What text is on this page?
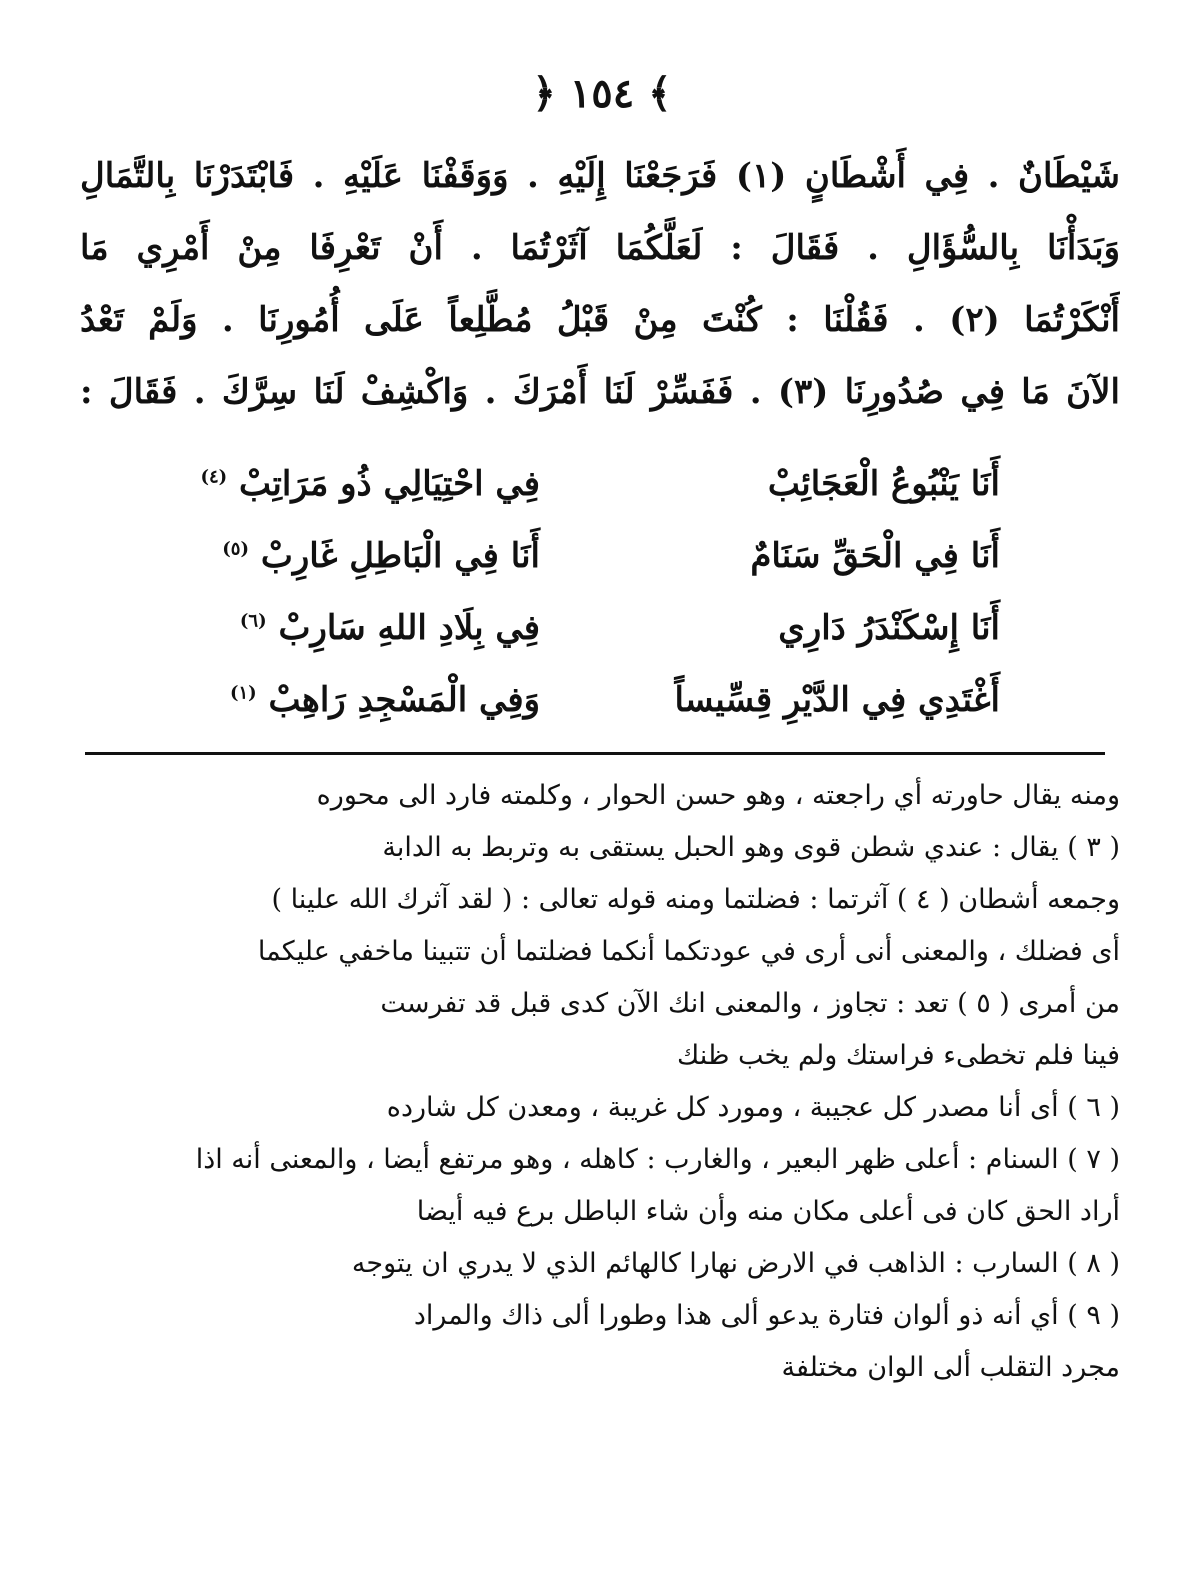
﴿ ١٥٤ ﴾
شَيْطَانٌ . فِي أَشْطَانٍ (١) فَرَجَعْنَا إِلَيْهِ . وَوَقَفْنَا عَلَيْهِ . فَابْتَدَرْنَا بِالتَّمَالِ
وَبَدَأْنَا بِالسُّؤَالِ . فَقَالَ : لَعَلَّكُمَا آثَرْتُمَا . أَنْ تَعْرِفَا مِنْ أَمْرِي مَا
أَنْكَرْتُمَا (٢) . فَقُلْنَا : كُنْتَ مِنْ قَبْلُ مُطَّلِعاً عَلَى أُمُورِنَا . وَلَمْ تَعْدُ
الآنَ مَا فِي صُدُورِنَا (٣) . فَفَسِّرْ لَنَا أَمْرَكَ . وَاكْشِفْ لَنَا سِرَّكَ . فَقَالَ :
أَنَا يَنْبُوعُ الْعَجَائِبْ
فِي احْتِيَالِي ذُو مَرَاتِبْ $^{(٤)}$
أَنَا فِي الْحَقِّ سَنَامٌ
أَنَا فِي الْبَاطِلِ غَارِبْ $^{(٥)}$
أَنَا إِسْكَنْدَرُ دَارِي
فِي بِلَادِ اللهِ سَارِبْ $^{(٦)}$
أَغْتَدِي فِي الدَّيْرِ قِسِّيساً
وَفِي الْمَسْجِدِ رَاهِبْ $^{(١)}$
ومنه يقال حاورته أي راجعته ، وهو حسن الحوار ، وكلمته فارد الى محوره
( ٣ ) يقال : عندي شطن قوى وهو الحبل يستقى به وتربط به الدابة
وجمعه أشطان ( ٤ ) آثرتما : فضلتما ومنه قوله تعالى : ( لقد آثرك الله علينا )
أى فضلك ، والمعنى أنى أرى في عودتكما أنكما فضلتما أن تتبينا ماخفي عليكما
من أمرى ( ٥ ) تعد : تجاوز ، والمعنى انك الآن كدى قبل قد تفرست
فينا فلم تخطىء فراستك ولم يخب ظنك
( ٦ ) أى أنا مصدر كل عجيبة ، ومورد كل غريبة ، ومعدن كل شارده
( ٧ ) السنام : أعلى ظهر البعير ، والغارب : كاهله ، وهو مرتفع أيضا ، والمعنى أنه اذا
أراد الحق كان فى أعلى مكان منه وأن شاء الباطل برع فيه أيضا
( ٨ ) السارب : الذاهب في الارض نهارا كالهائم الذي لا يدري ان يتوجه
( ٩ ) أي أنه ذو ألوان فتارة يدعو ألى هذا وطورا ألى ذاك والمراد
مجرد التقلب ألى الوان مختلفة
